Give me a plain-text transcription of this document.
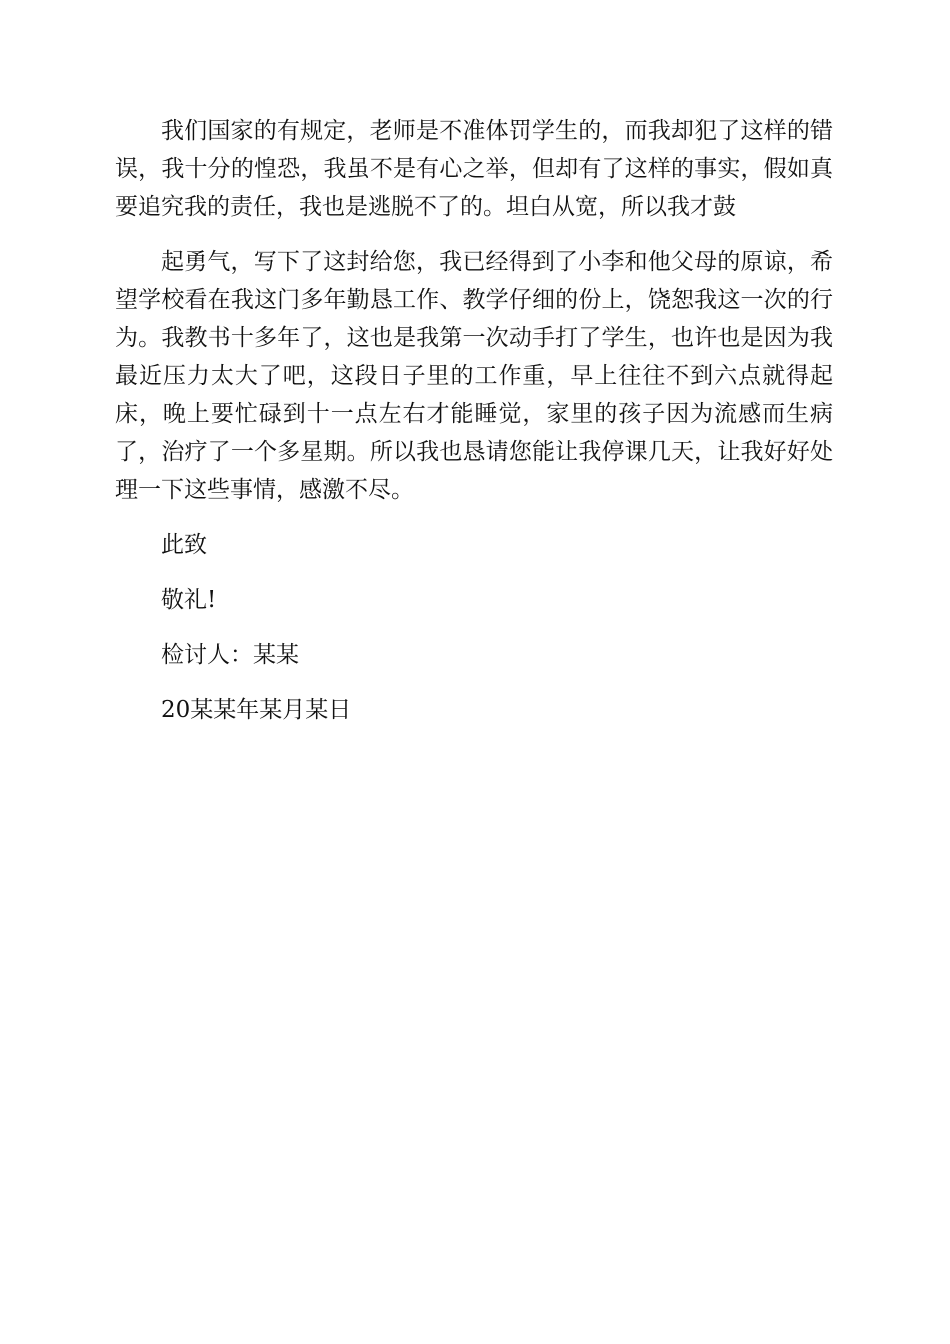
我们国家的有规定，老师是不准体罚学生的，而我却犯了这样的错误，我十分的惶恐，我虽不是有心之举，但却有了这样的事实，假如真要追究我的责任，我也是逃脱不了的。坦白从宽，所以我才鼓

起勇气，写下了这封给您，我已经得到了小李和他父母的原谅，希望学校看在我这门多年勤恳工作、教学仔细的份上，饶恕我这一次的行为。我教书十多年了，这也是我第一次动手打了学生，也许也是因为我最近压力太大了吧，这段日子里的工作重，早上往往不到六点就得起床，晚上要忙碌到十一点左右才能睡觉，家里的孩子因为流感而生病了，治疗了一个多星期。所以我也恳请您能让我停课几天，让我好好处理一下这些事情，感激不尽。

此致

敬礼!

检讨人：某某

20某某年某月某日
